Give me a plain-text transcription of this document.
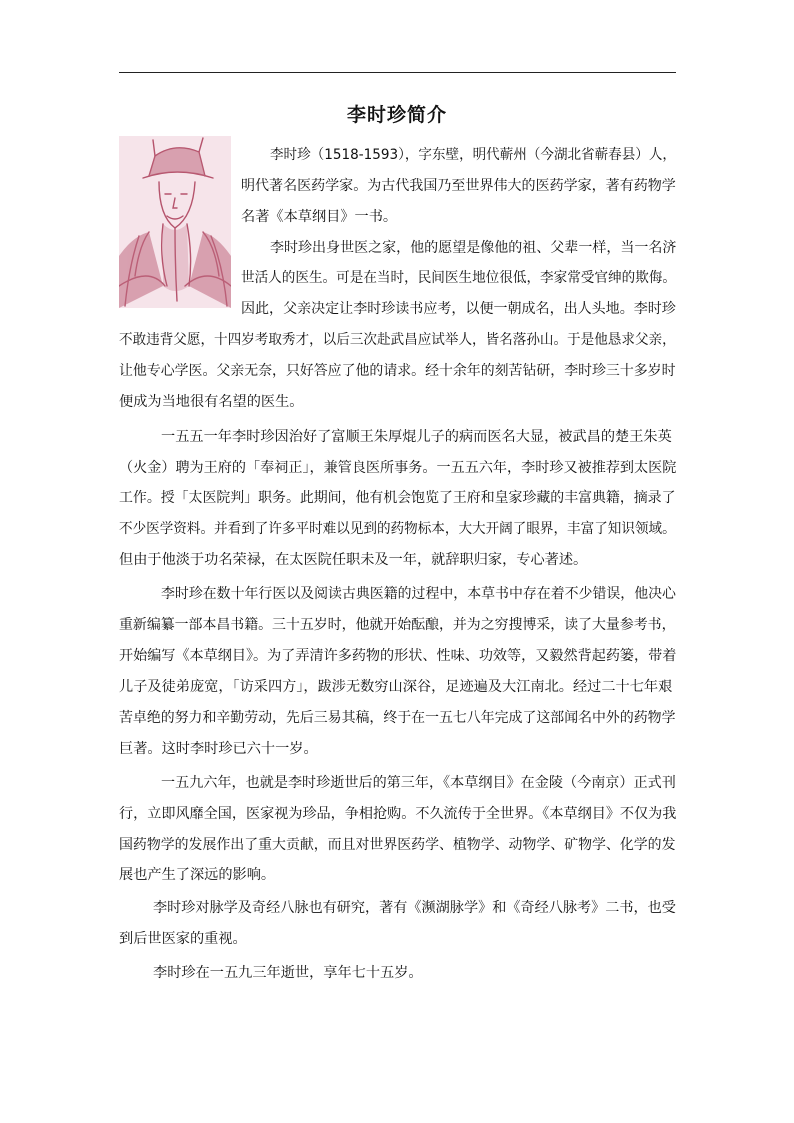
李时珍简介
李时珍（1518-1593），字东壁，明代蕲州（今湖北省蕲春县）人，
明代著名医药学家。为古代我国乃至世界伟大的医药学家，著有药物学
名著《本草纲目》一书。
李时珍出身世医之家，他的愿望是像他的祖、父辈一样，当一名济
世活人的医生。可是在当时，民间医生地位很低，李家常受官绅的欺侮。
因此，父亲决定让李时珍读书应考，以便一朝成名，出人头地。李时珍
不敢违背父愿，十四岁考取秀才，以后三次赴武昌应试举人，皆名落孙山。于是他恳求父亲，
让他专心学医。父亲无奈，只好答应了他的请求。经十余年的刻苦钻研，李时珍三十多岁时
便成为当地很有名望的医生。
一五五一年李时珍因治好了富顺王朱厚焜儿子的病而医名大显，被武昌的楚王朱英
（火金）聘为王府的「奉祠正」，兼管良医所事务。一五五六年，李时珍又被推荐到太医院
工作。授「太医院判」职务。此期间，他有机会饱览了王府和皇家珍藏的丰富典籍，摘录了
不少医学资料。并看到了许多平时难以见到的药物标本，大大开阔了眼界，丰富了知识领域。
但由于他淡于功名荣禄，在太医院任职未及一年，就辞职归家，专心著述。
李时珍在数十年行医以及阅读古典医籍的过程中，本草书中存在着不少错误，他决心
重新编纂一部本昌书籍。三十五岁时，他就开始酝酿，并为之穷搜博采，读了大量参考书，
开始编写《本草纲目》。为了弄清许多药物的形状、性味、功效等，又毅然背起药篓，带着
儿子及徒弟庞宽，「访采四方」，跋涉无数穷山深谷，足迹遍及大江南北。经过二十七年艰
苦卓绝的努力和辛勤劳动，先后三易其稿，终于在一五七八年完成了这部闻名中外的药物学
巨著。这时李时珍已六十一岁。
一五九六年，也就是李时珍逝世后的第三年，《本草纲目》在金陵（今南京）正式刊
行，立即风靡全国，医家视为珍品，争相抢购。不久流传于全世界。《本草纲目》不仅为我
国药物学的发展作出了重大贡献，而且对世界医药学、植物学、动物学、矿物学、化学的发
展也产生了深远的影响。
李时珍对脉学及奇经八脉也有研究，著有《濒湖脉学》和《奇经八脉考》二书，也受
到后世医家的重视。
李时珍在一五九三年逝世，享年七十五岁。
